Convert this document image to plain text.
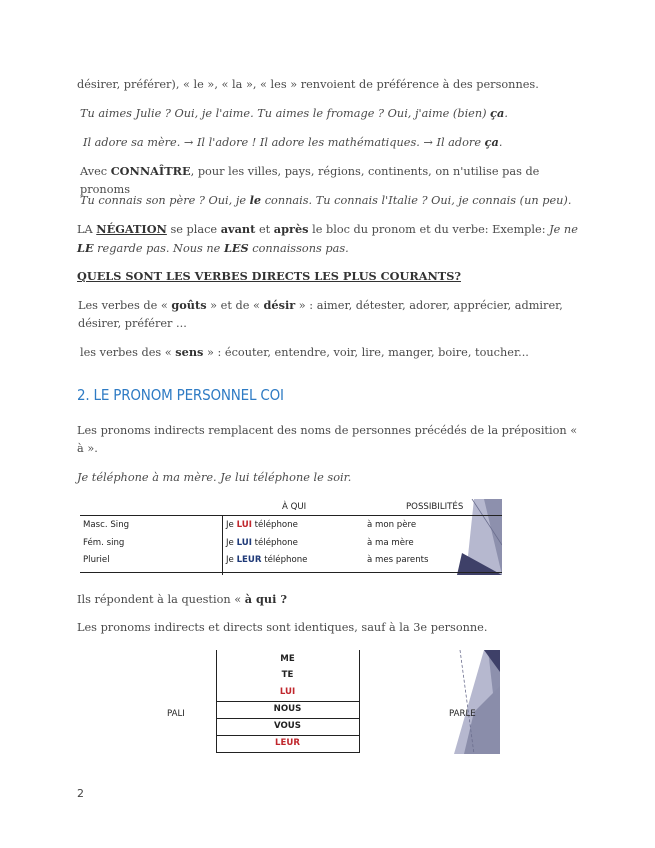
désirer, préférer), « le », « la », « les » renvoient de préférence à des personnes.

Tu aimes Julie ? Oui, je l'aime. Tu aimes le fromage ? Oui, j'aime (bien) ça.

Il adore sa mère. → Il l'adore ! Il adore les mathématiques. → Il adore ça.

Avec CONNAÎTRE, pour les villes, pays, régions, continents, on n'utilise pas de pronoms

Tu connais son père ? Oui, je le connais. Tu connais l'Italie ? Oui, je connais (un peu).

LA NÉGATION se place avant et après le bloc du pronom et du verbe: Exemple: Je ne LE regarde pas. Nous ne LES connaissons pas.

QUELS SONT LES VERBES DIRECTS LES PLUS COURANTS?

Les verbes de « goûts » et de « désir » : aimer, détester, adorer, apprécier, admirer, désirer, préférer ...

les verbes des « sens » : écouter, entendre, voir, lire, manger, boire, toucher...

2. LE PRONOM PERSONNEL COI

Les pronoms indirects remplacent des noms de personnes précédés de la préposition « à ».

Je téléphone à ma mère. Je lui téléphone le soir.

À QUI	POSSIBILITÉS
Masc. Sing	Je LUI téléphone	à mon père
Fém. sing	Je LUI téléphone	à ma mère
Pluriel	Je LEUR téléphone	à mes parents

Ils répondent à la question « à qui ?

Les pronoms indirects et directs sont identiques, sauf à la 3e personne.

ME
TE
LUI
NOUS
VOUS
LEUR
PALI	PARLE
2
